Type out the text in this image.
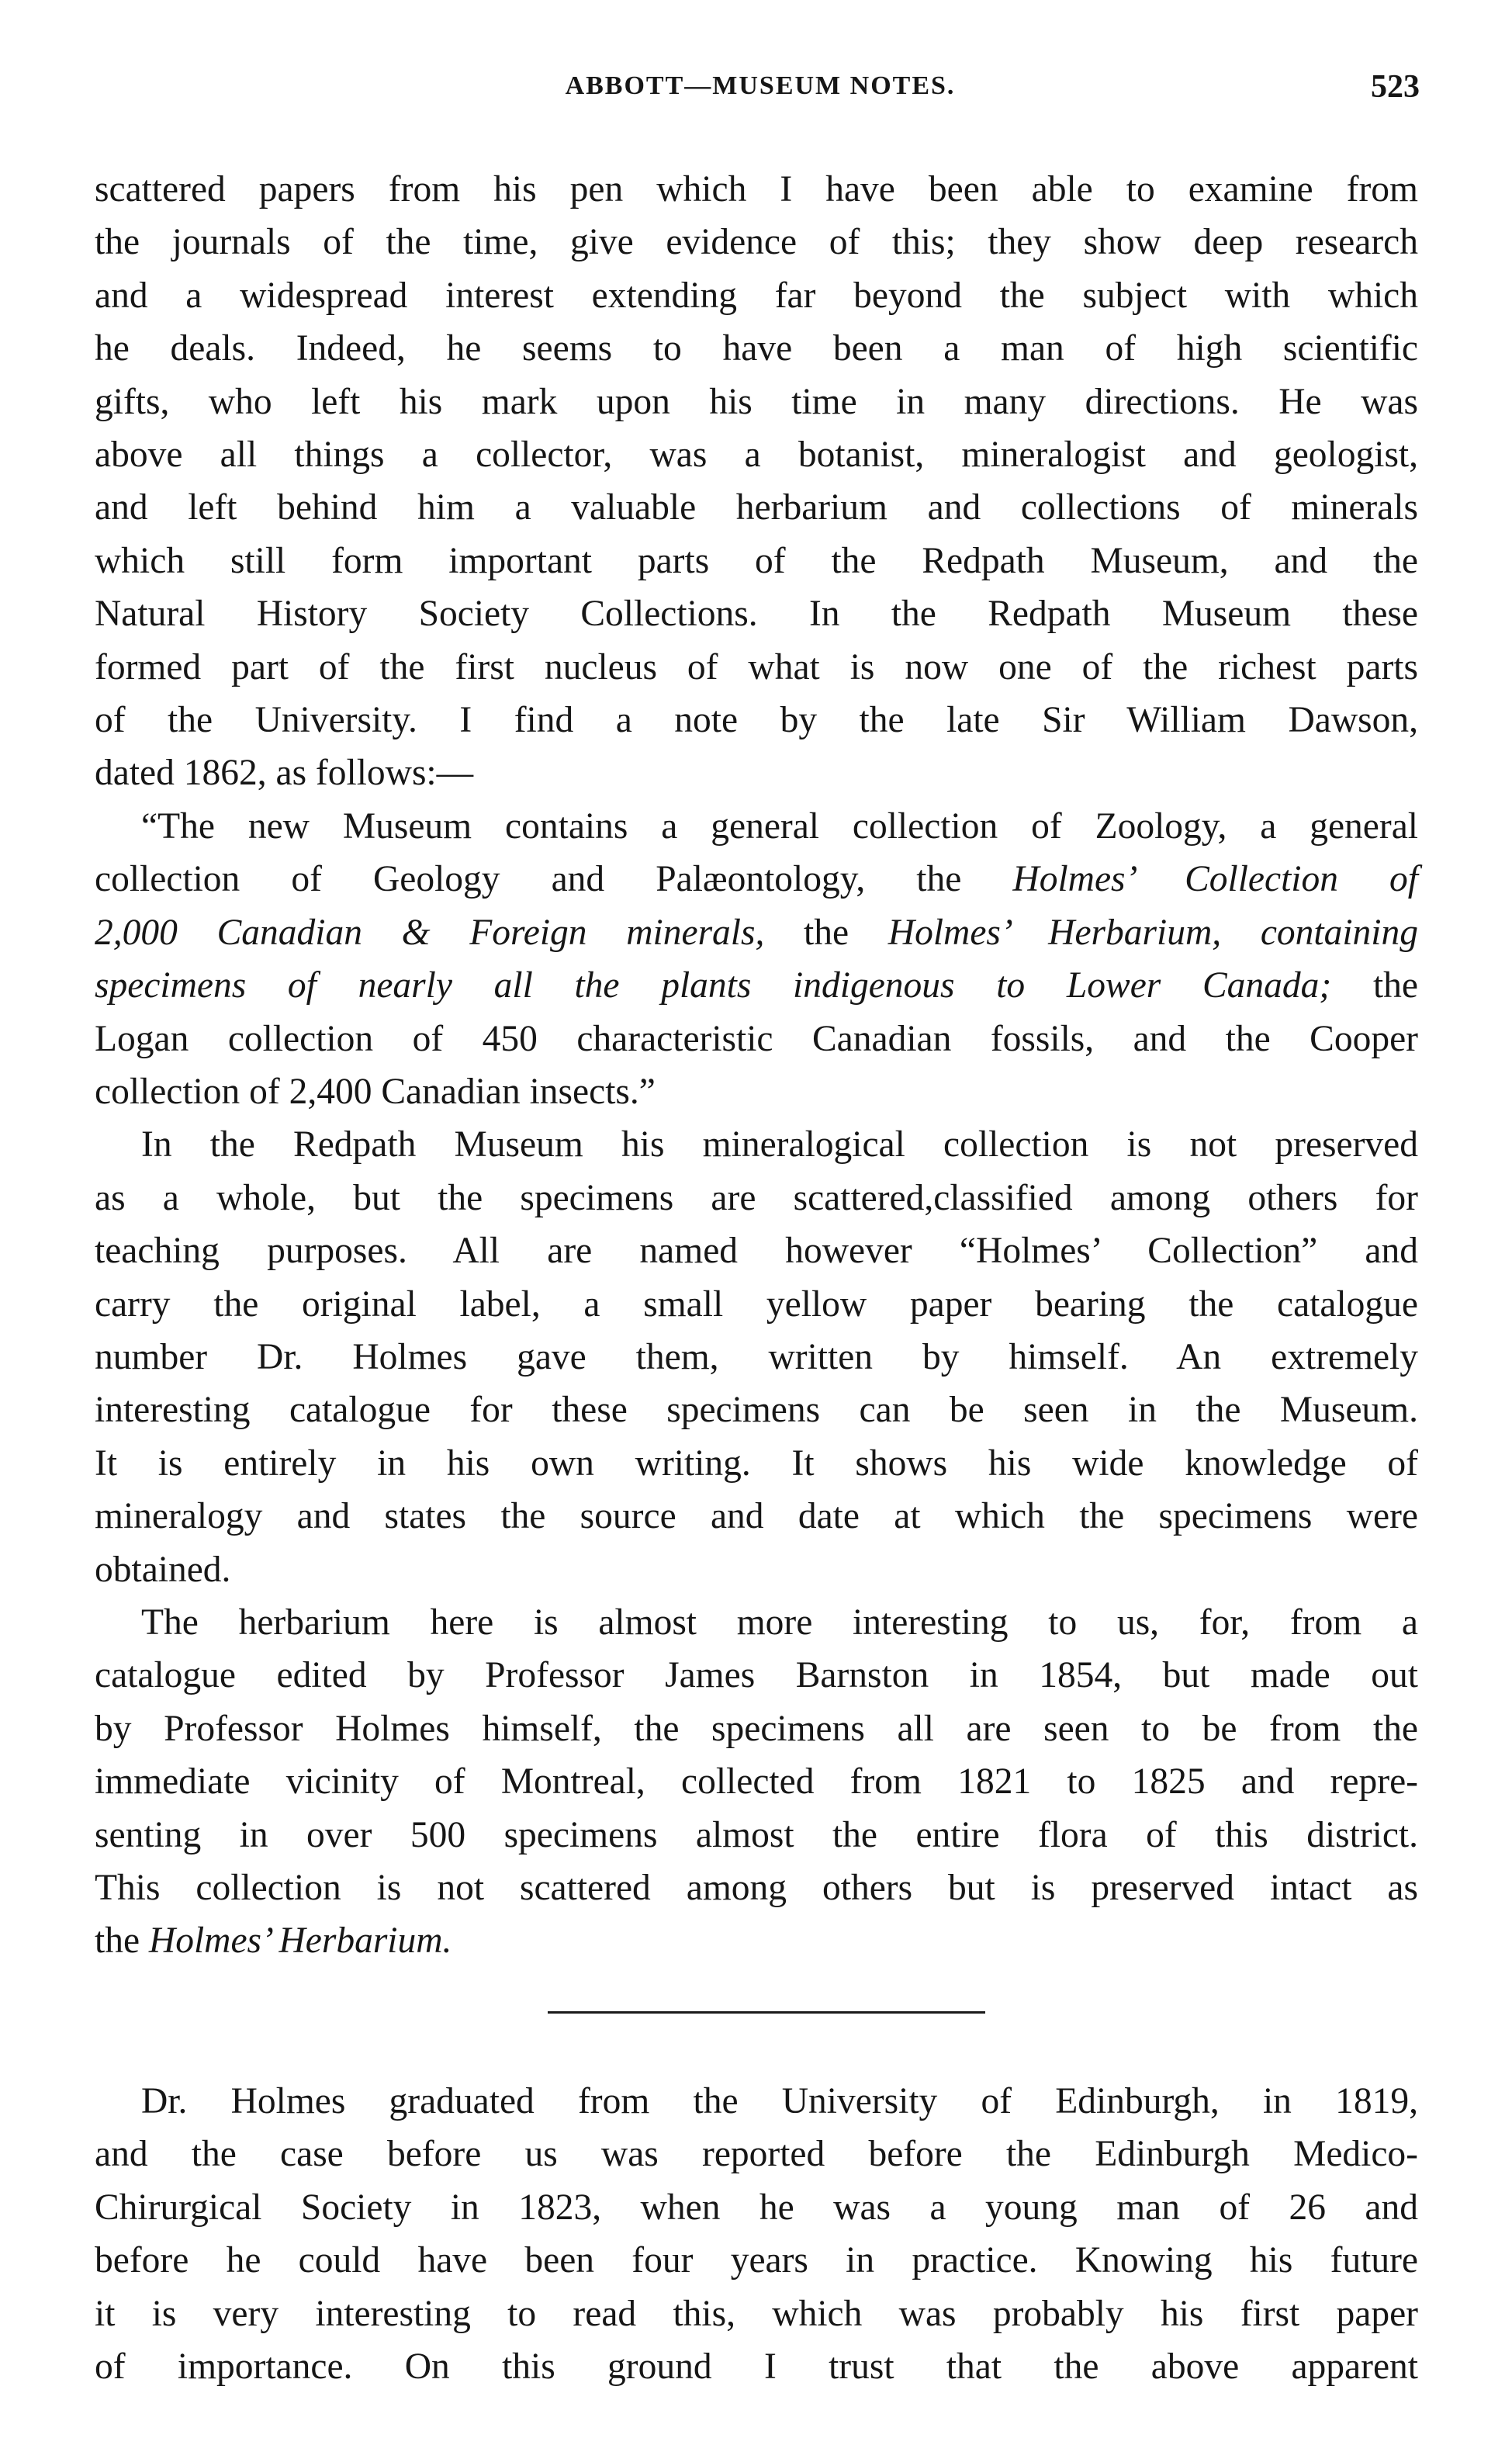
ABBOTT—MUSEUM NOTES.	523

scattered papers from his pen which I have been able to examine from
the journals of the time, give evidence of this; they show deep research
and a widespread interest extending far beyond the subject with which
he deals. Indeed, he seems to have been a man of high scientific
gifts, who left his mark upon his time in many directions. He was
above all things a collector, was a botanist, mineralogist and geologist,
and left behind him a valuable herbarium and collections of minerals
which still form important parts of the Redpath Museum, and the
Natural History Society Collections. In the Redpath Museum these
formed part of the first nucleus of what is now one of the richest parts
of the University. I find a note by the late Sir William Dawson,
dated 1862, as follows:—

“The new Museum contains a general collection of Zoology, a general
collection of Geology and Palæontology, the Holmes’ Collection of
2,000 Canadian & Foreign minerals, the Holmes’ Herbarium, containing
specimens of nearly all the plants indigenous to Lower Canada; the
Logan collection of 450 characteristic Canadian fossils, and the Cooper
collection of 2,400 Canadian insects.”

In the Redpath Museum his mineralogical collection is not preserved
as a whole, but the specimens are scattered,classified among others for
teaching purposes. All are named however “Holmes’ Collection” and
carry the original label, a small yellow paper bearing the catalogue
number Dr. Holmes gave them, written by himself. An extremely
interesting catalogue for these specimens can be seen in the Museum.
It is entirely in his own writing. It shows his wide knowledge of
mineralogy and states the source and date at which the specimens were
obtained.

The herbarium here is almost more interesting to us, for, from a
catalogue edited by Professor James Barnston in 1854, but made out
by Professor Holmes himself, the specimens all are seen to be from the
immediate vicinity of Montreal, collected from 1821 to 1825 and repre-
senting in over 500 specimens almost the entire flora of this district.
This collection is not scattered among others but is preserved intact as
the Holmes’ Herbarium.

Dr. Holmes graduated from the University of Edinburgh, in 1819,
and the case before us was reported before the Edinburgh Medico-
Chirurgical Society in 1823, when he was a young man of 26 and
before he could have been four years in practice. Knowing his future
it is very interesting to read this, which was probably his first paper
of importance. On this ground I trust that the above apparent
